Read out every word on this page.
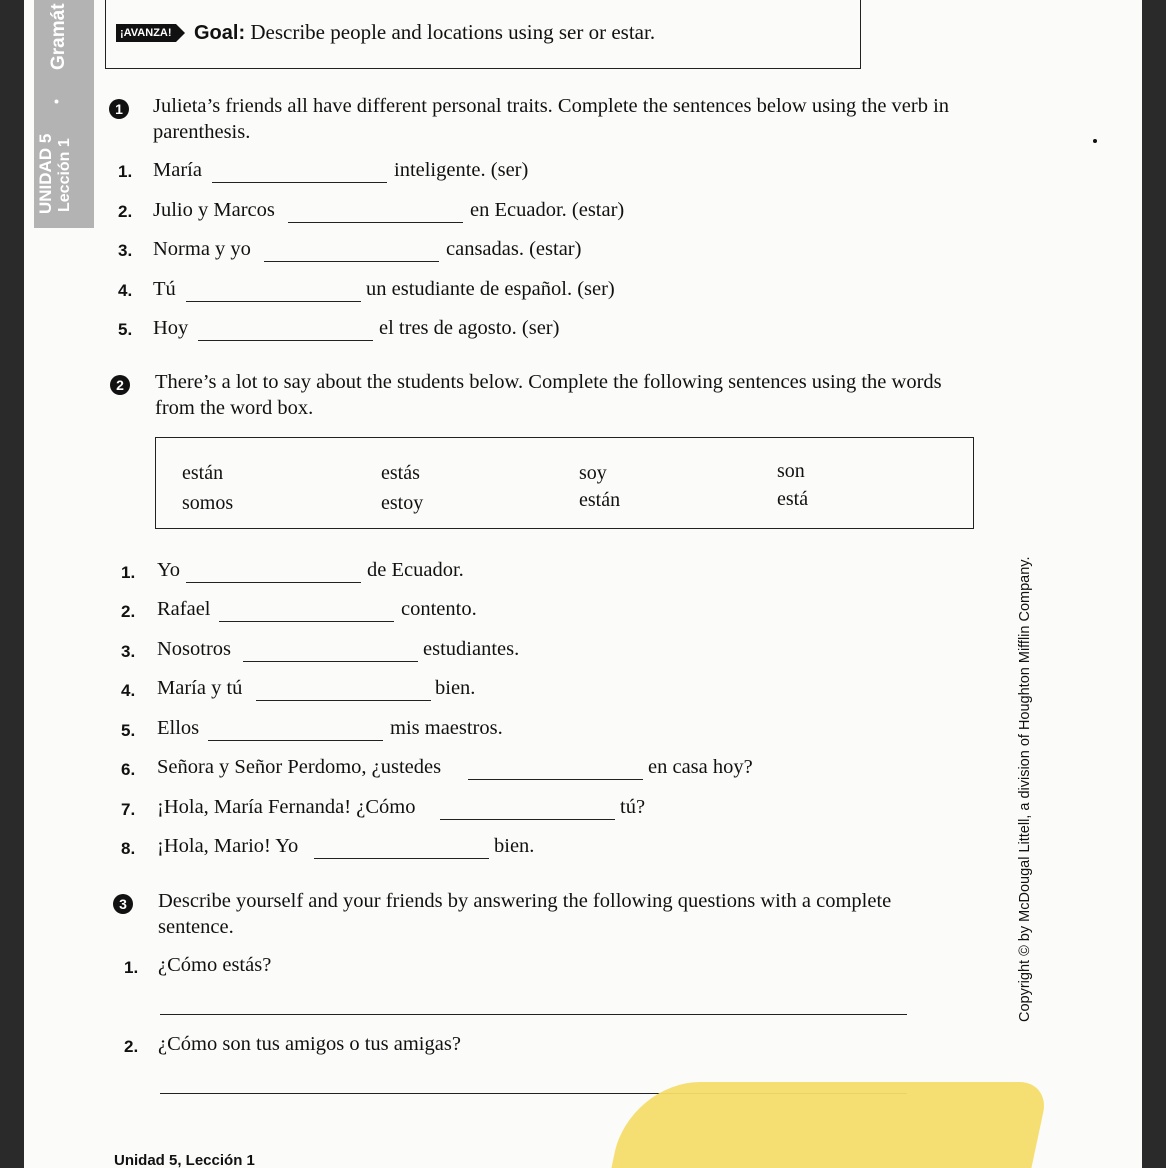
UNIDAD 5 Lección 1
•
Gramát	¡AVANZA! Goal: Describe people and locations using ser or estar.
1 Julieta’s friends all have different personal traits. Complete the sentences below using the verb in parenthesis.
1. María	inteligente. (ser)
2. Julio y Marcos	en Ecuador. (estar)
3. Norma y yo	cansadas. (estar)
4. Tú	un estudiante de español. (ser)
5. Hoy	el tres de agosto. (ser)
2 There’s a lot to say about the students below. Complete the following sentences using the words from the word box.
están	estás	soy	son
somos	estoy	están	está
1. Yo	de Ecuador.
2. Rafael	contento.
3. Nosotros	estudiantes.
4. María y tú	bien.
5. Ellos	mis maestros.
6. Señora y Señor Perdomo, ¿ustedes	en casa hoy?
7. ¡Hola, María Fernanda! ¿Cómo	tú?
8. ¡Hola, Mario! Yo	bien.
3 Describe yourself and your friends by answering the following questions with a complete sentence.
1. ¿Cómo estás?
2. ¿Cómo son tus amigos o tus amigas?
Copyright © by McDougal Littell, a division of Houghton Mifflin Company.
Unidad 5, Lección 1
